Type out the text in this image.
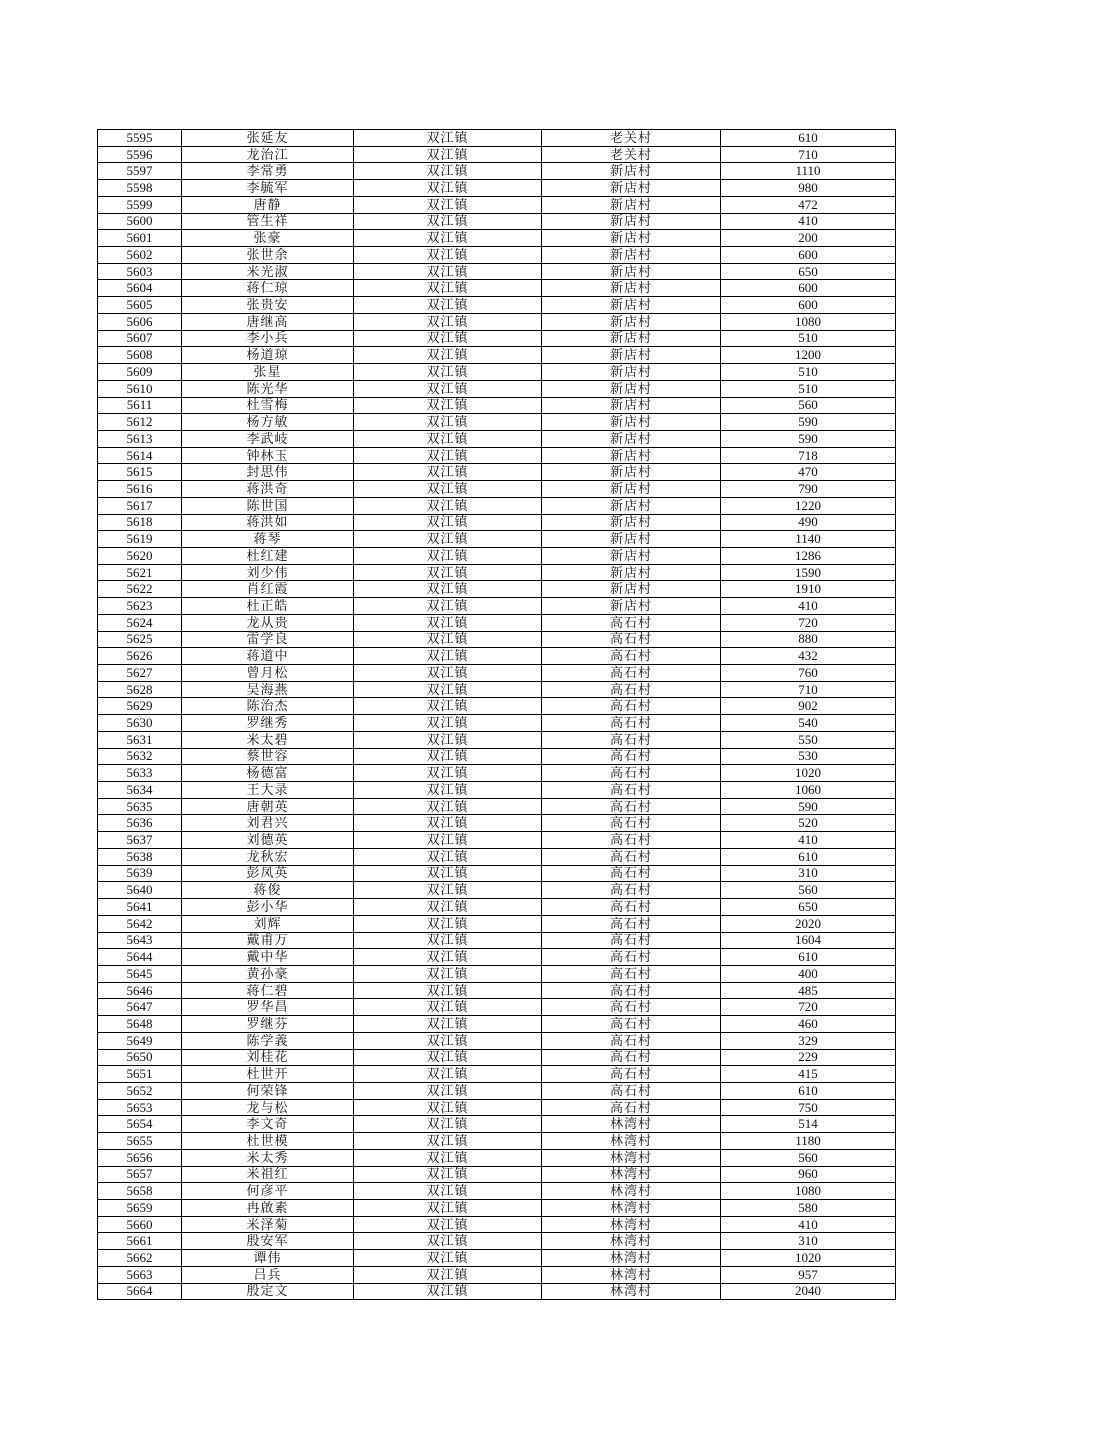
5595	张延友	双江镇	老关村	610
5596	龙治江	双江镇	老关村	710
5597	李常勇	双江镇	新店村	1110
5598	李毓军	双江镇	新店村	980
5599	唐静	双江镇	新店村	472
5600	管生祥	双江镇	新店村	410
5601	张豪	双江镇	新店村	200
5602	张世余	双江镇	新店村	600
5603	米光淑	双江镇	新店村	650
5604	蒋仁琼	双江镇	新店村	600
5605	张贵安	双江镇	新店村	600
5606	唐继高	双江镇	新店村	1080
5607	李小兵	双江镇	新店村	510
5608	杨道琼	双江镇	新店村	1200
5609	张星	双江镇	新店村	510
5610	陈光华	双江镇	新店村	510
5611	杜雪梅	双江镇	新店村	560
5612	杨方敏	双江镇	新店村	590
5613	李武岐	双江镇	新店村	590
5614	钟林玉	双江镇	新店村	718
5615	封思伟	双江镇	新店村	470
5616	蒋洪奇	双江镇	新店村	790
5617	陈世国	双江镇	新店村	1220
5618	蒋洪如	双江镇	新店村	490
5619	蒋琴	双江镇	新店村	1140
5620	杜红建	双江镇	新店村	1286
5621	刘少伟	双江镇	新店村	1590
5622	肖红霞	双江镇	新店村	1910
5623	杜正皓	双江镇	新店村	410
5624	龙从贵	双江镇	高石村	720
5625	雷学良	双江镇	高石村	880
5626	蒋道中	双江镇	高石村	432
5627	曾月松	双江镇	高石村	760
5628	吴海燕	双江镇	高石村	710
5629	陈治杰	双江镇	高石村	902
5630	罗继秀	双江镇	高石村	540
5631	米太碧	双江镇	高石村	550
5632	蔡世容	双江镇	高石村	530
5633	杨德富	双江镇	高石村	1020
5634	王大录	双江镇	高石村	1060
5635	唐朝英	双江镇	高石村	590
5636	刘君兴	双江镇	高石村	520
5637	刘德英	双江镇	高石村	410
5638	龙秋宏	双江镇	高石村	610
5639	彭凤英	双江镇	高石村	310
5640	蒋俊	双江镇	高石村	560
5641	彭小华	双江镇	高石村	650
5642	刘辉	双江镇	高石村	2020
5643	戴甫万	双江镇	高石村	1604
5644	戴中华	双江镇	高石村	610
5645	黄孙豪	双江镇	高石村	400
5646	蒋仁碧	双江镇	高石村	485
5647	罗华昌	双江镇	高石村	720
5648	罗继芬	双江镇	高石村	460
5649	陈学義	双江镇	高石村	329
5650	刘桂花	双江镇	高石村	229
5651	杜世开	双江镇	高石村	415
5652	何荣锋	双江镇	高石村	610
5653	龙与松	双江镇	高石村	750
5654	李文奇	双江镇	林湾村	514
5655	杜世模	双江镇	林湾村	1180
5656	米太秀	双江镇	林湾村	560
5657	米祖红	双江镇	林湾村	960
5658	何彦平	双江镇	林湾村	1080
5659	冉啟素	双江镇	林湾村	580
5660	米泽菊	双江镇	林湾村	410
5661	殷安军	双江镇	林湾村	310
5662	谭伟	双江镇	林湾村	1020
5663	吕兵	双江镇	林湾村	957
5664	殷定文	双江镇	林湾村	2040
